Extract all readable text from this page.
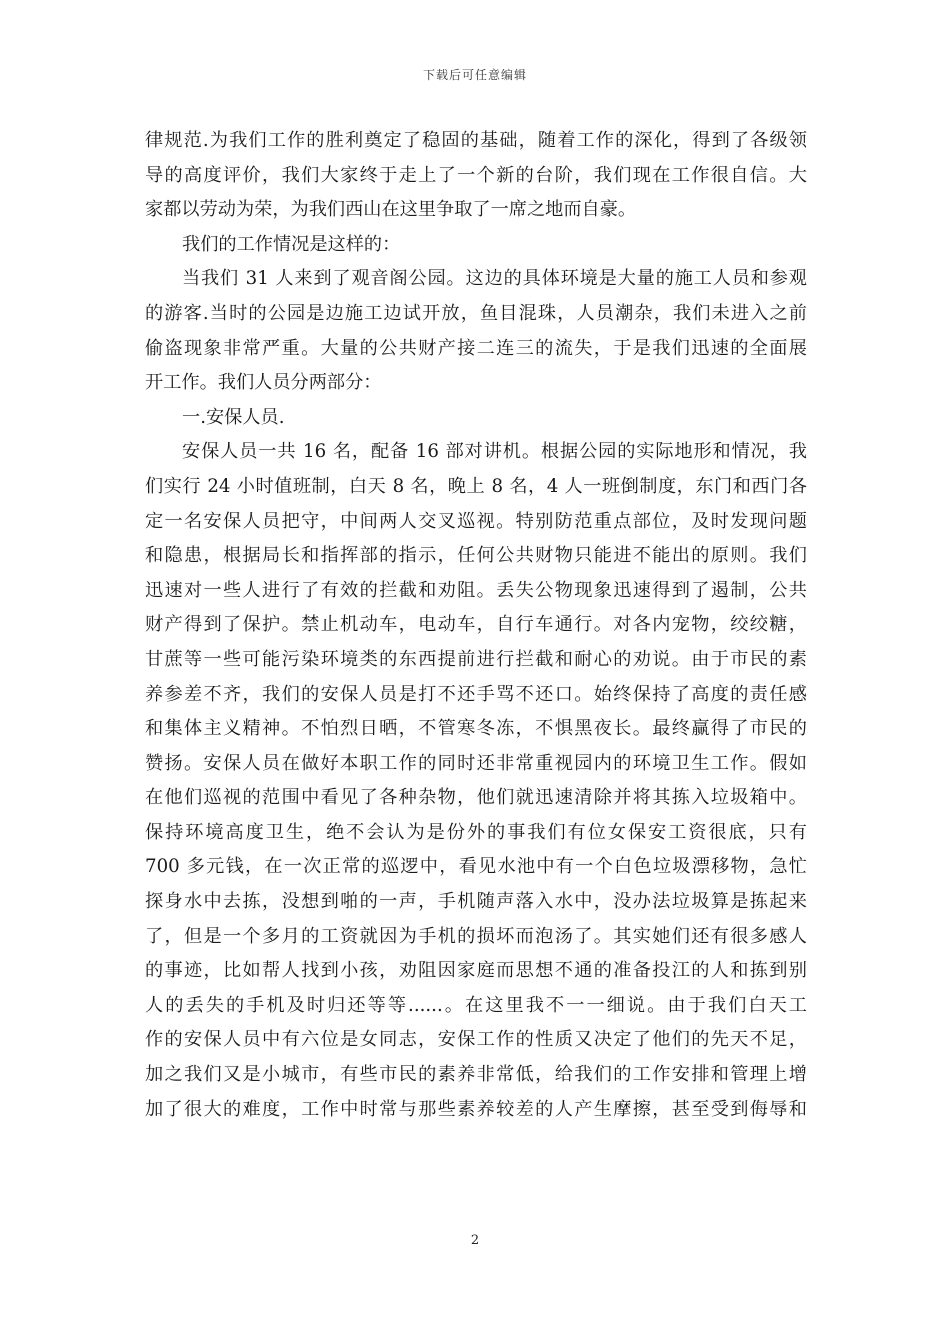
下载后可任意编辑
律规范.为我们工作的胜利奠定了稳固的基础，随着工作的深化，得到了各级领
导的高度评价，我们大家终于走上了一个新的台阶，我们现在工作很自信。大
家都以劳动为荣，为我们西山在这里争取了一席之地而自豪。
我们的工作情况是这样的：
当我们 31 人来到了观音阁公园。这边的具体环境是大量的施工人员和参观
的游客.当时的公园是边施工边试开放，鱼目混珠，人员潮杂，我们未进入之前
偷盗现象非常严重。大量的公共财产接二连三的流失，于是我们迅速的全面展
开工作。我们人员分两部分：
一.安保人员.
安保人员一共 16 名，配备 16 部对讲机。根据公园的实际地形和情况，我
们实行 24 小时值班制，白天 8 名，晚上 8 名，4 人一班倒制度，东门和西门各
定一名安保人员把守，中间两人交叉巡视。特别防范重点部位，及时发现问题
和隐患，根据局长和指挥部的指示，任何公共财物只能进不能出的原则。我们
迅速对一些人进行了有效的拦截和劝阻。丢失公物现象迅速得到了遏制，公共
财产得到了保护。禁止机动车，电动车，自行车通行。对各内宠物，绞绞糖，
甘蔗等一些可能污染环境类的东西提前进行拦截和耐心的劝说。由于市民的素
养参差不齐，我们的安保人员是打不还手骂不还口。始终保持了高度的责任感
和集体主义精神。不怕烈日晒，不管寒冬冻，不惧黑夜长。最终赢得了市民的
赞扬。安保人员在做好本职工作的同时还非常重视园内的环境卫生工作。假如
在他们巡视的范围中看见了各种杂物，他们就迅速清除并将其拣入垃圾箱中。
保持环境高度卫生，绝不会认为是份外的事我们有位女保安工资很底，只有
700 多元钱，在一次正常的巡逻中，看见水池中有一个白色垃圾漂移物，急忙
探身水中去拣，没想到啪的一声，手机随声落入水中，没办法垃圾算是拣起来
了，但是一个多月的工资就因为手机的损坏而泡汤了。其实她们还有很多感人
的事迹，比如帮人找到小孩，劝阻因家庭而思想不通的准备投江的人和拣到别
人的丢失的手机及时归还等等......。在这里我不一一细说。由于我们白天工
作的安保人员中有六位是女同志，安保工作的性质又决定了他们的先天不足，
加之我们又是小城市，有些市民的素养非常低，给我们的工作安排和管理上增
加了很大的难度，工作中时常与那些素养较差的人产生摩擦，甚至受到侮辱和
2
